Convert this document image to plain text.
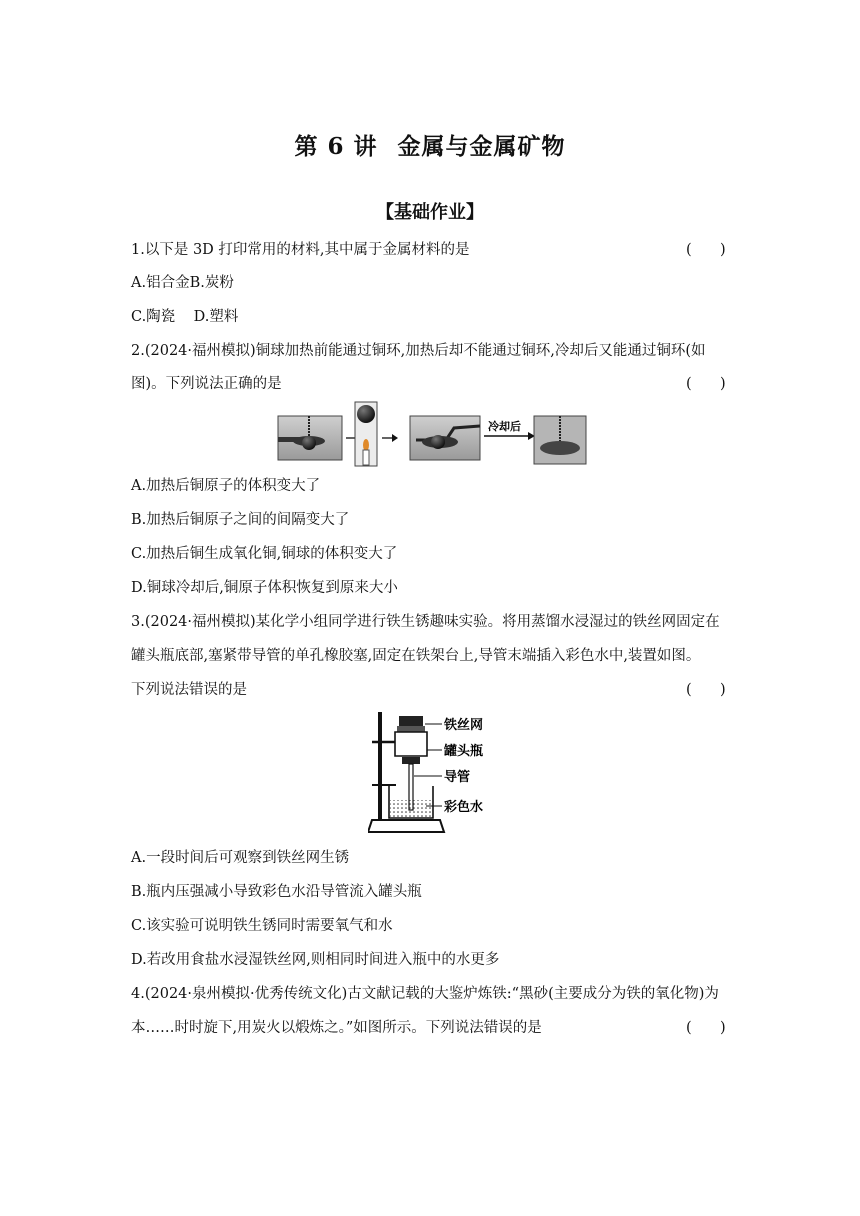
第 6 讲 金属与金属矿物
【基础作业】
1.以下是 3D 打印常用的材料,其中属于金属材料的是	( )
A.铝合金B.炭粉
C.陶瓷    D.塑料
2.(2024·福州模拟)铜球加热前能通过铜环,加热后却不能通过铜环,冷却后又能通过铜环(如
图)。下列说法正确的是	( )
冷却后
A.加热后铜原子的体积变大了
B.加热后铜原子之间的间隔变大了
C.加热后铜生成氧化铜,铜球的体积变大了
D.铜球冷却后,铜原子体积恢复到原来大小
3.(2024·福州模拟)某化学小组同学进行铁生锈趣味实验。将用蒸馏水浸湿过的铁丝网固定在
罐头瓶底部,塞紧带导管的单孔橡胶塞,固定在铁架台上,导管末端插入彩色水中,装置如图。
下列说法错误的是	( )
铁丝网
罐头瓶
导管
彩色水
A.一段时间后可观察到铁丝网生锈
B.瓶内压强减小导致彩色水沿导管流入罐头瓶
C.该实验可说明铁生锈同时需要氧气和水
D.若改用食盐水浸湿铁丝网,则相同时间进入瓶中的水更多
4.(2024·泉州模拟·优秀传统文化)古文献记载的大鉴炉炼铁:“黑砂(主要成分为铁的氧化物)为
本……时时旋下,用炭火以煅炼之。”如图所示。下列说法错误的是	( )
